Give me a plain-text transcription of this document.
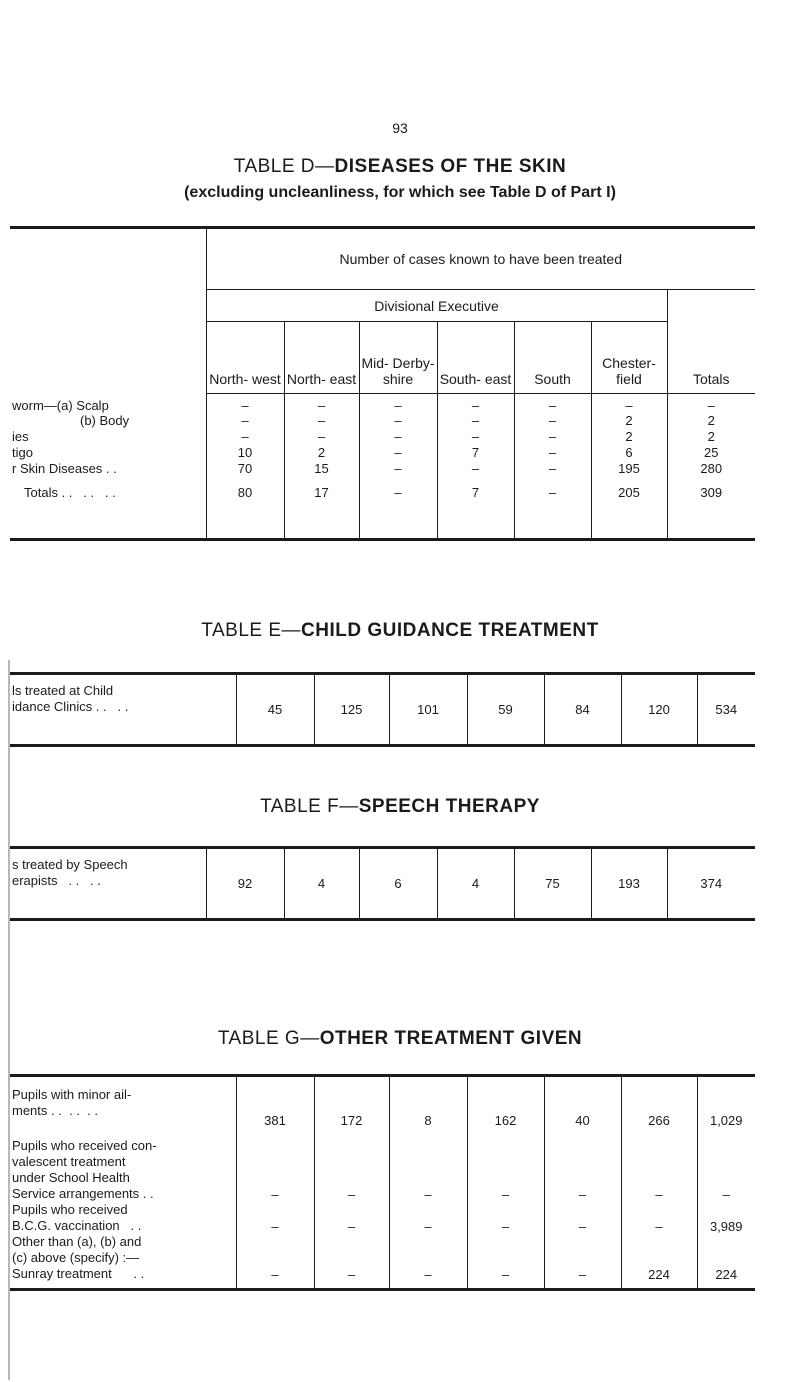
93
TABLE D—DISEASES OF THE SKIN
(excluding uncleanliness, for which see Table D of Part I)
	Number of cases known to have been treated						
	Divisional Executive						Totals
	North- west	North- east	Mid- Derby- shire	South- east	South	Chester- field	
worm—(a) Scalp	–	–	–	–	–	–	–
(b) Body	–	–	–	–	–	2	2
ies	–	–	–	–	–	2	2
tigo	10	2	–	7	–	6	25
r Skin Diseases . .	70	15	–	–	–	195	280
Totals . .   . .   . .	80	17	–	7	–	205	309
TABLE E—CHILD GUIDANCE TREATMENT
ls treated at Child
idance Clinics . .   . .	45	125	101	59	84	120	534
TABLE F—SPEECH THERAPY
s treated by Speech
erapists   . .   . .	92	4	6	4	75	193	374
TABLE G—OTHER TREATMENT GIVEN
Pupils with minor ail-
ments . .  . .  . .	381	172	8	162	40	266	1,029

Pupils who received con-
valescent treatment
under School Health
Service arrangements . .	–	–	–	–	–	–	–

Pupils who received
B.C.G. vaccination   . .	–	–	–	–	–	–	3,989

Other than (a), (b) and
(c) above (specify) :—
Sunray treatment      . .	–	–	–	–	–	224	224
